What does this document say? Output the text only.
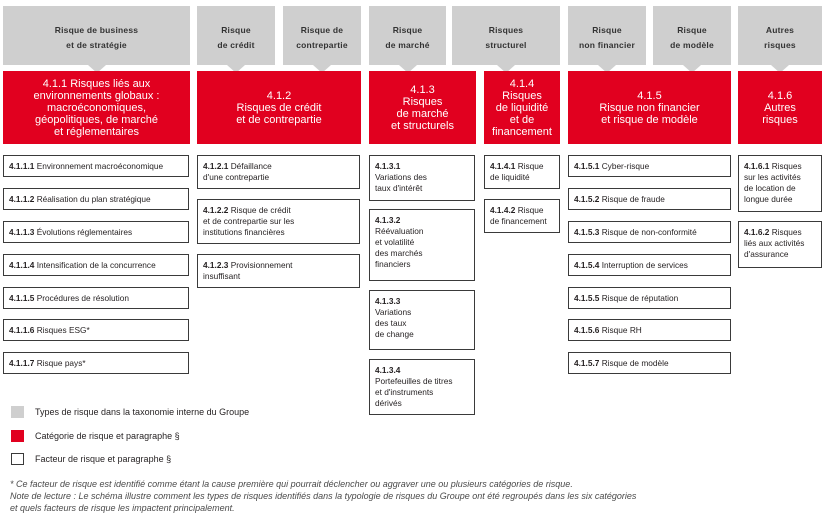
Risque de business
et de stratégie
Risque
de crédit
Risque de
contrepartie
Risque
de marché
Risques
structurel
Risque
non financier
Risque
de modèle
Autres
risques
4.1.1 Risques liés aux
environnements globaux :
macroéconomiques,
géopolitiques, de marché
et réglementaires
4.1.2
Risques de crédit
et de contrepartie
4.1.3
Risques
de marché
et structurels
4.1.4
Risques
de liquidité
et de
financement
4.1.5
Risque non financier
et risque de modèle
4.1.6
Autres
risques
4.1.1.1 Environnement macroéconomique
4.1.1.2 Réalisation du plan stratégique
4.1.1.3 Évolutions réglementaires
4.1.1.4 Intensification de la concurrence
4.1.1.5 Procédures de résolution
4.1.1.6 Risques ESG*
4.1.1.7 Risque pays*
4.1.2.1 Défaillance
d'une contrepartie
4.1.2.2 Risque de crédit
et de contrepartie sur les
institutions financières
4.1.2.3 Provisionnement
insuffisant
4.1.3.1
Variations des
taux d'intérêt
4.1.3.2
Réévaluation
et volatilité
des marchés
financiers
4.1.3.3
Variations
des taux
de change
4.1.3.4
Portefeuilles de titres
et d'instruments
dérivés
4.1.4.1 Risque
de liquidité
4.1.4.2 Risque
de financement
4.1.5.1 Cyber-risque
4.1.5.2 Risque de fraude
4.1.5.3 Risque de non-conformité
4.1.5.4 Interruption de services
4.1.5.5 Risque de réputation
4.1.5.6 Risque RH
4.1.5.7 Risque de modèle
4.1.6.1 Risques
sur les activités
de location de
longue durée
4.1.6.2 Risques
liés aux activités
d'assurance
Types de risque dans la taxonomie interne du Groupe
Catégorie de risque et paragraphe §
Facteur de risque et paragraphe §
* Ce facteur de risque est identifié comme étant la cause première qui pourrait déclencher ou aggraver une ou plusieurs catégories de risque.
Note de lecture : Le schéma illustre comment les types de risques identifiés dans la typologie de risques du Groupe ont été regroupés dans les six catégories
et quels facteurs de risque les impactent principalement.
